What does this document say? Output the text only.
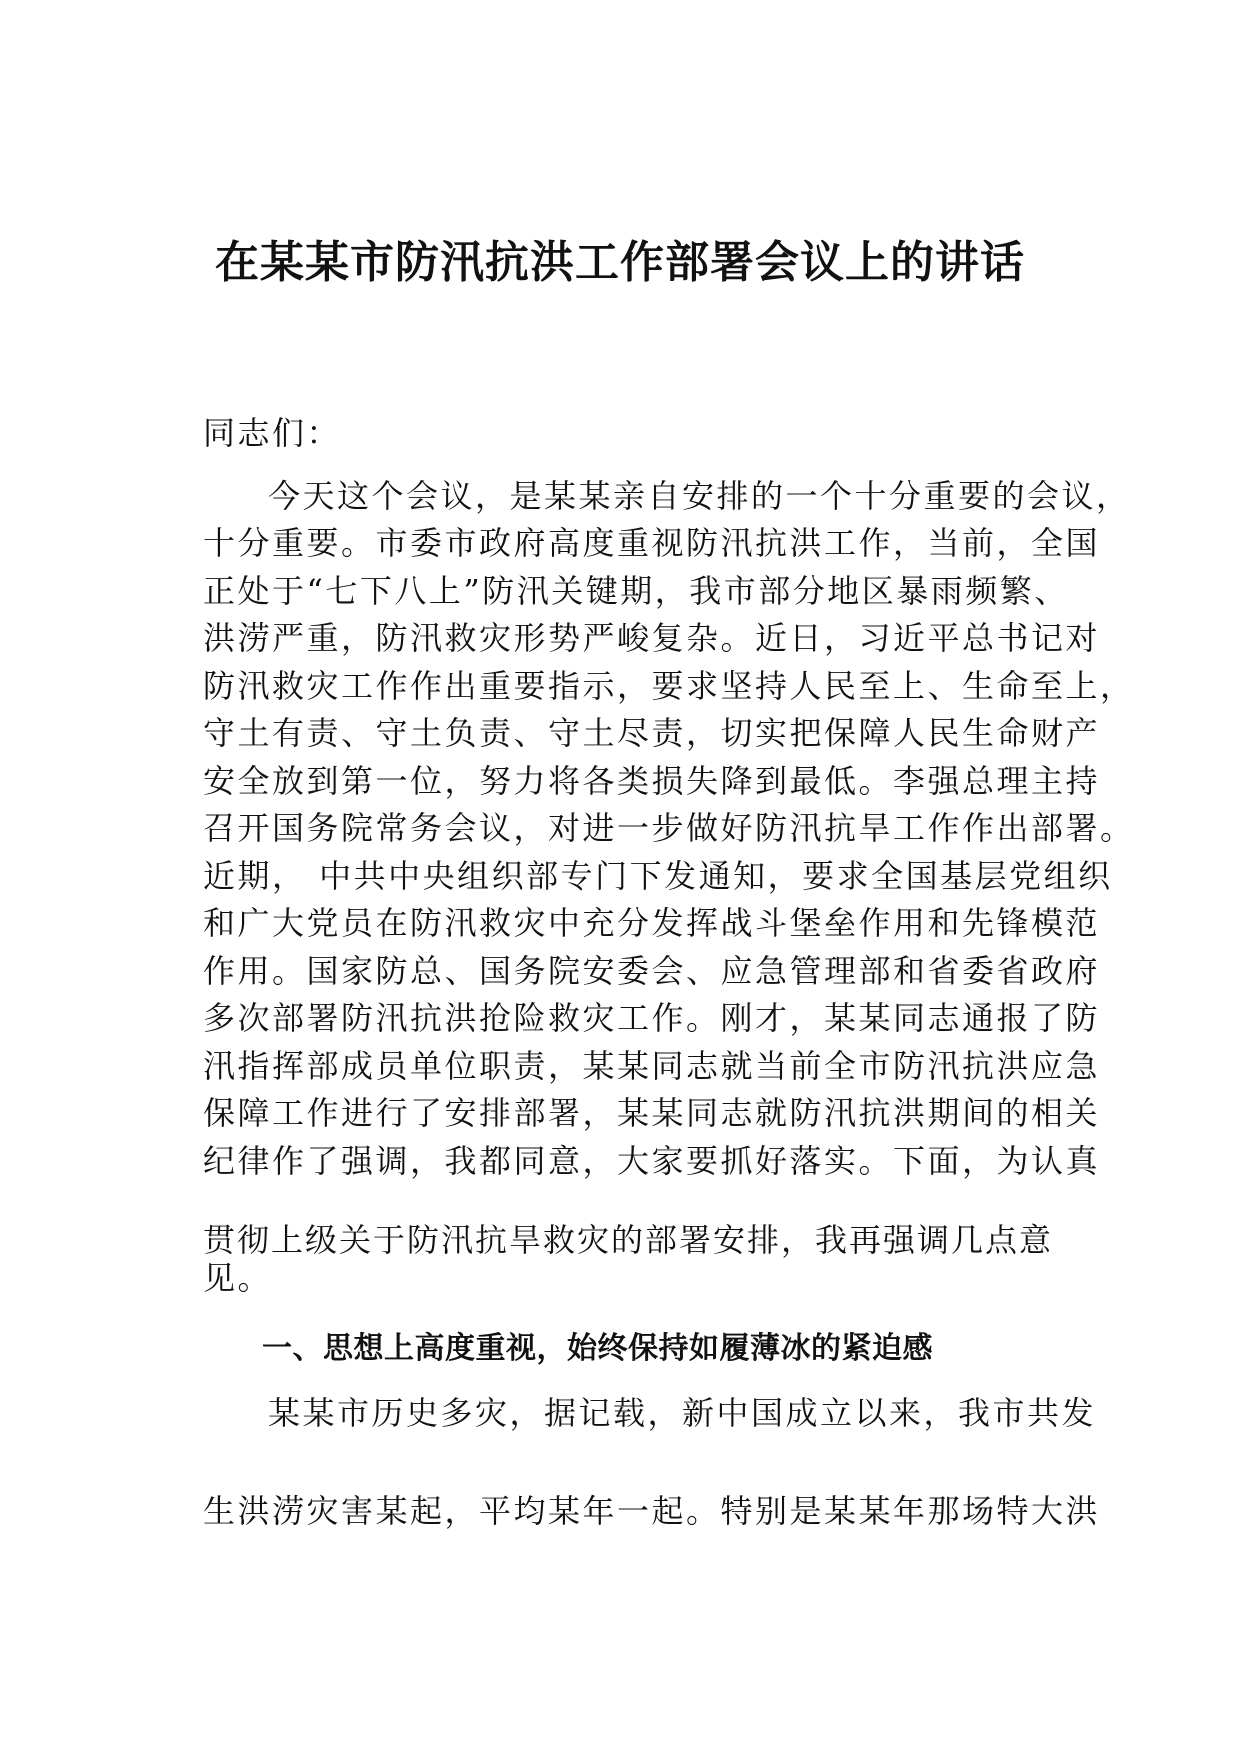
在某某市防汛抗洪工作部署会议上的讲话
同志们：
今天这个会议，是某某亲自安排的一个十分重要的会议，
十分重要。市委市政府高度重视防汛抗洪工作，当前，全国
正处于“七下八上”防汛关键期，我市部分地区暴雨频繁、
洪涝严重，防汛救灾形势严峻复杂。近日，习近平总书记对
防汛救灾工作作出重要指示，要求坚持人民至上、生命至上，
守土有责、守土负责、守土尽责，切实把保障人民生命财产
安全放到第一位，努力将各类损失降到最低。李强总理主持
召开国务院常务会议，对进一步做好防汛抗旱工作作出部署。
近期， 中共中央组织部专门下发通知，要求全国基层党组织
和广大党员在防汛救灾中充分发挥战斗堡垒作用和先锋模范
作用。国家防总、国务院安委会、应急管理部和省委省政府
多次部署防汛抗洪抢险救灾工作。刚才，某某同志通报了防
汛指挥部成员单位职责，某某同志就当前全市防汛抗洪应急
保障工作进行了安排部署，某某同志就防汛抗洪期间的相关
纪律作了强调，我都同意，大家要抓好落实。下面，为认真
贯彻上级关于防汛抗旱救灾的部署安排，我再强调几点意
见。
一、思想上高度重视，始终保持如履薄冰的紧迫感
某某市历史多灾，据记载，新中国成立以来，我市共发
生洪涝灾害某起，平均某年一起。特别是某某年那场特大洪
